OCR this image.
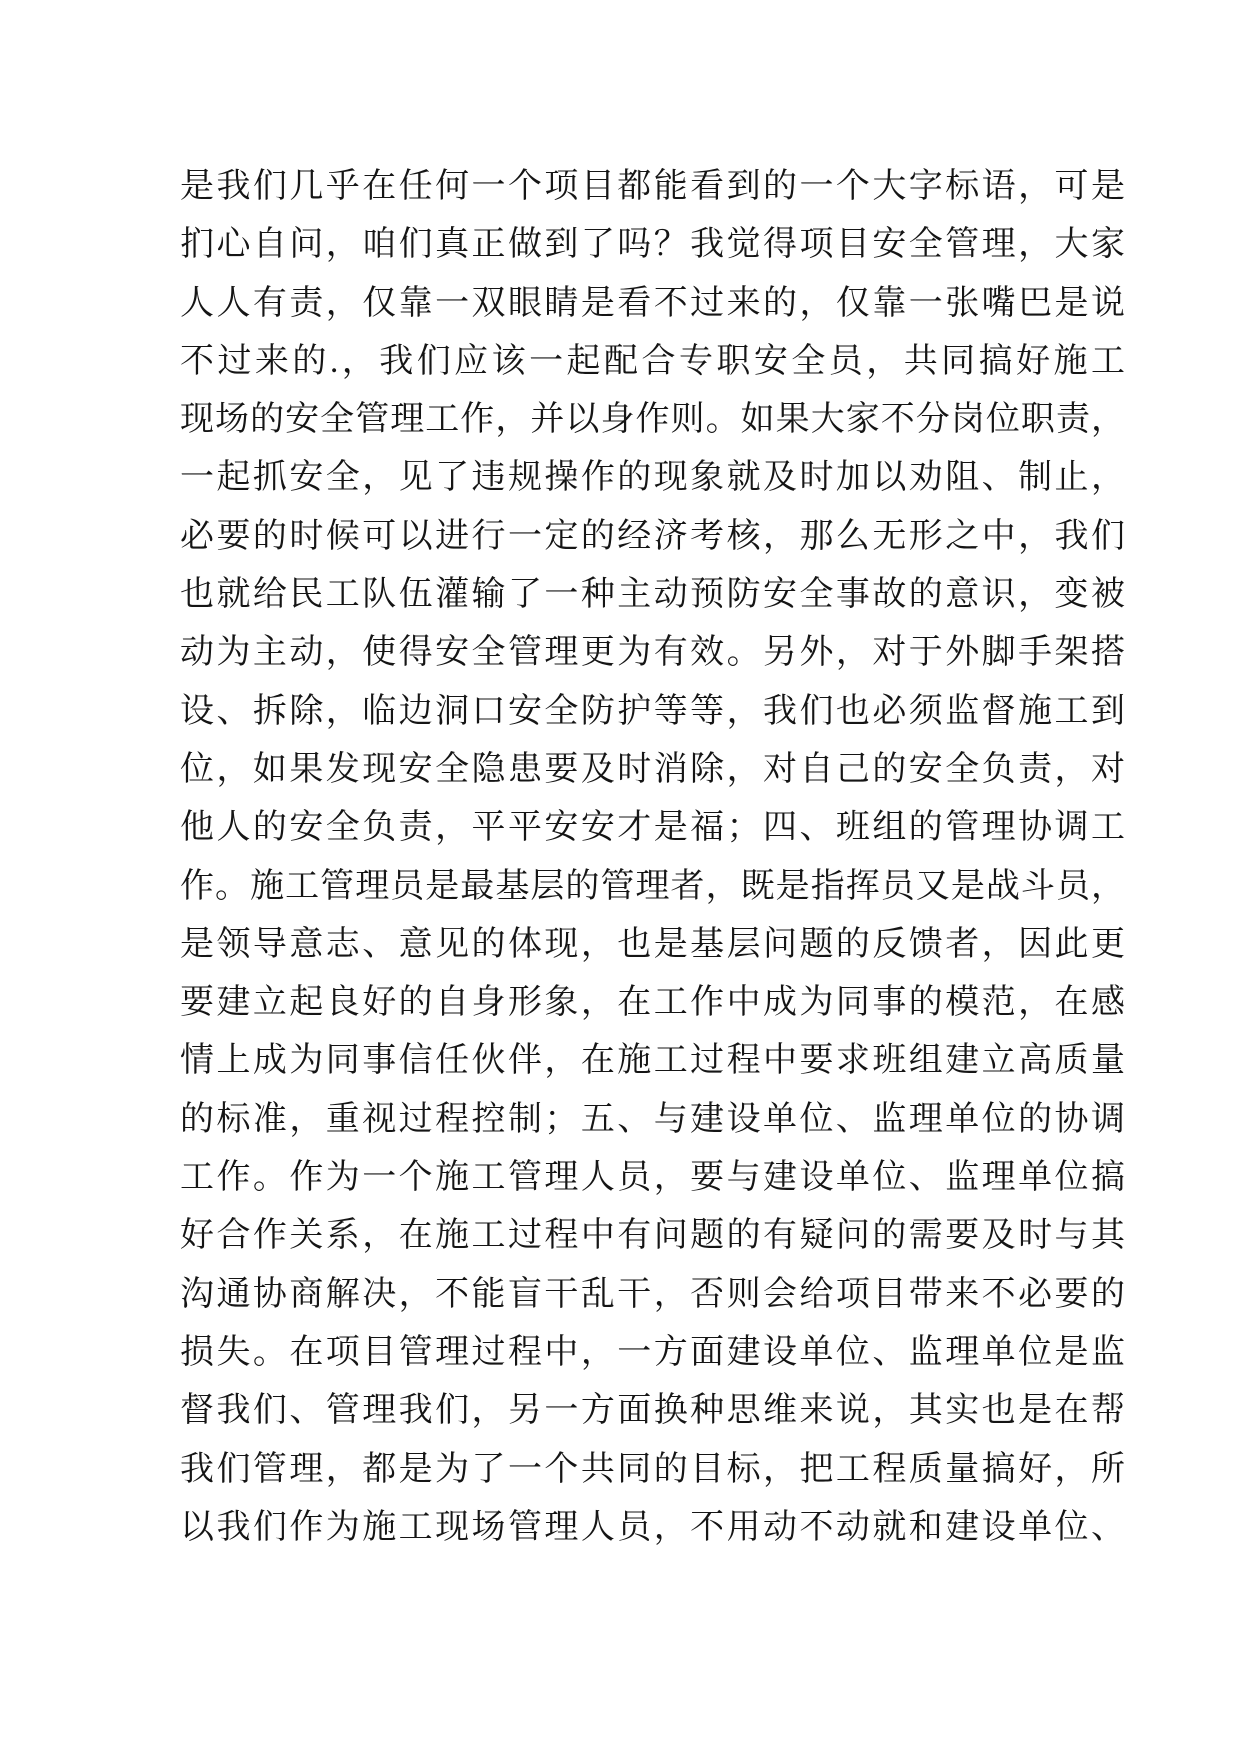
是我们几乎在任何一个项目都能看到的一个大字标语，可是
扪心自问，咱们真正做到了吗？我觉得项目安全管理，大家
人人有责，仅靠一双眼睛是看不过来的，仅靠一张嘴巴是说
不过来的.，我们应该一起配合专职安全员，共同搞好施工
现场的安全管理工作，并以身作则。如果大家不分岗位职责，
一起抓安全，见了违规操作的现象就及时加以劝阻、制止，
必要的时候可以进行一定的经济考核，那么无形之中，我们
也就给民工队伍灌输了一种主动预防安全事故的意识，变被
动为主动，使得安全管理更为有效。另外，对于外脚手架搭
设、拆除，临边洞口安全防护等等，我们也必须监督施工到
位，如果发现安全隐患要及时消除，对自己的安全负责，对
他人的安全负责，平平安安才是福；四、班组的管理协调工
作。施工管理员是最基层的管理者，既是指挥员又是战斗员，
是领导意志、意见的体现，也是基层问题的反馈者，因此更
要建立起良好的自身形象，在工作中成为同事的模范，在感
情上成为同事信任伙伴，在施工过程中要求班组建立高质量
的标准，重视过程控制；五、与建设单位、监理单位的协调
工作。作为一个施工管理人员，要与建设单位、监理单位搞
好合作关系，在施工过程中有问题的有疑问的需要及时与其
沟通协商解决，不能盲干乱干，否则会给项目带来不必要的
损失。在项目管理过程中，一方面建设单位、监理单位是监
督我们、管理我们，另一方面换种思维来说，其实也是在帮
我们管理，都是为了一个共同的目标，把工程质量搞好，所
以我们作为施工现场管理人员，不用动不动就和建设单位、
